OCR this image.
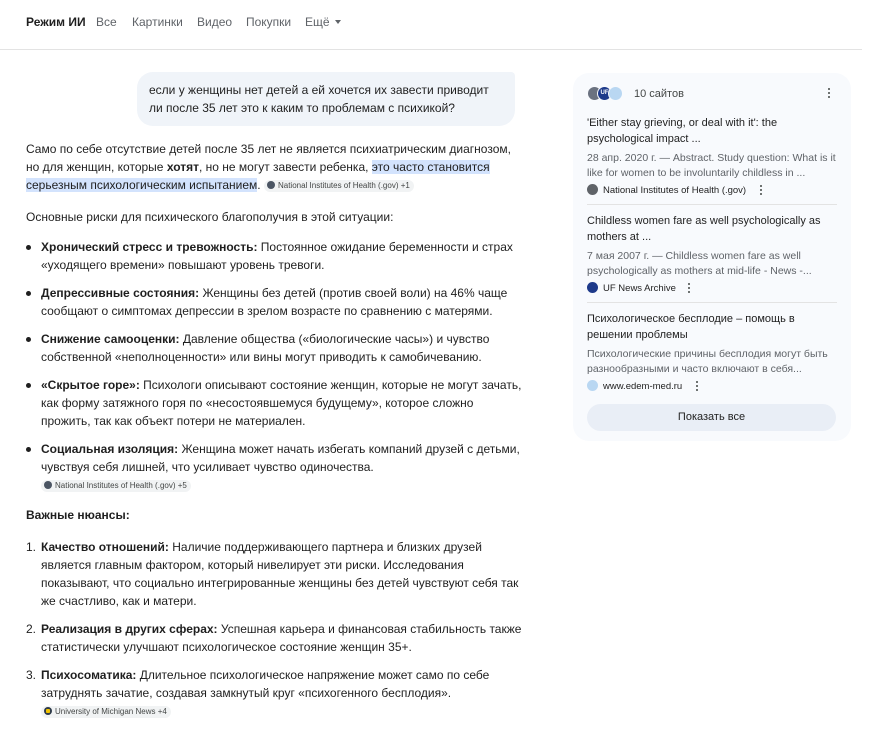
Режим ИИ Все Картинки Видео Покупки Ещё
если у женщины нет детей а ей хочется их завести приводит ли после 35 лет это к каким то проблемам с психикой?

Само по себе отсутствие детей после 35 лет не является психиатрическим диагнозом, но для женщин, которые хотят, но не могут завести ребенка, это часто становится серьезным психологическим испытанием. National Institutes of Health (.gov) +1

Основные риски для психического благополучия в этой ситуации:

Хронический стресс и тревожность: Постоянное ожидание беременности и страх «уходящего времени» повышают уровень тревоги.
Депрессивные состояния: Женщины без детей (против своей воли) на 46% чаще сообщают о симптомах депрессии в зрелом возрасте по сравнению с матерями.
Снижение самооценки: Давление общества («биологические часы») и чувство собственной «неполноценности» или вины могут приводить к самобичеванию.
«Скрытое горе»: Психологи описывают состояние женщин, которые не могут зачать, как форму затяжного горя по «несостоявшемуся будущему», которое сложно прожить, так как объект потери не материален.
Социальная изоляция: Женщина может начать избегать компаний друзей с детьми, чувствуя себя лишней, что усиливает чувство одиночества. National Institutes of Health (.gov) +5

Важные нюансы:

1. Качество отношений: Наличие поддерживающего партнера и близких друзей является главным фактором, который нивелирует эти риски. Исследования показывают, что социально интегрированные женщины без детей чувствуют себя так же счастливо, как и матери.
2. Реализация в других сферах: Успешная карьера и финансовая стабильность также статистически улучшают психологическое состояние женщин 35+.
3. Психосоматика: Длительное психологическое напряжение может само по себе затруднять зачатие, создавая замкнутый круг «психогенного бесплодия». University of Michigan News +4
UF	10 сайтов
'Either stay grieving, or deal with it': the psychological impact ...
28 апр. 2020 г. — Abstract. Study question: What is it like for women to be involuntarily childless in ...
National Institutes of Health (.gov)
Childless women fare as well psychologically as mothers at ...
7 мая 2007 г. — Childless women fare as well psychologically as mothers at mid-life - News -...
UF News Archive
Психологическое бесплодие – помощь в решении проблемы
Психологические причины бесплодия могут быть разнообразными и часто включают в себя...
www.edem-med.ru
Показать все
